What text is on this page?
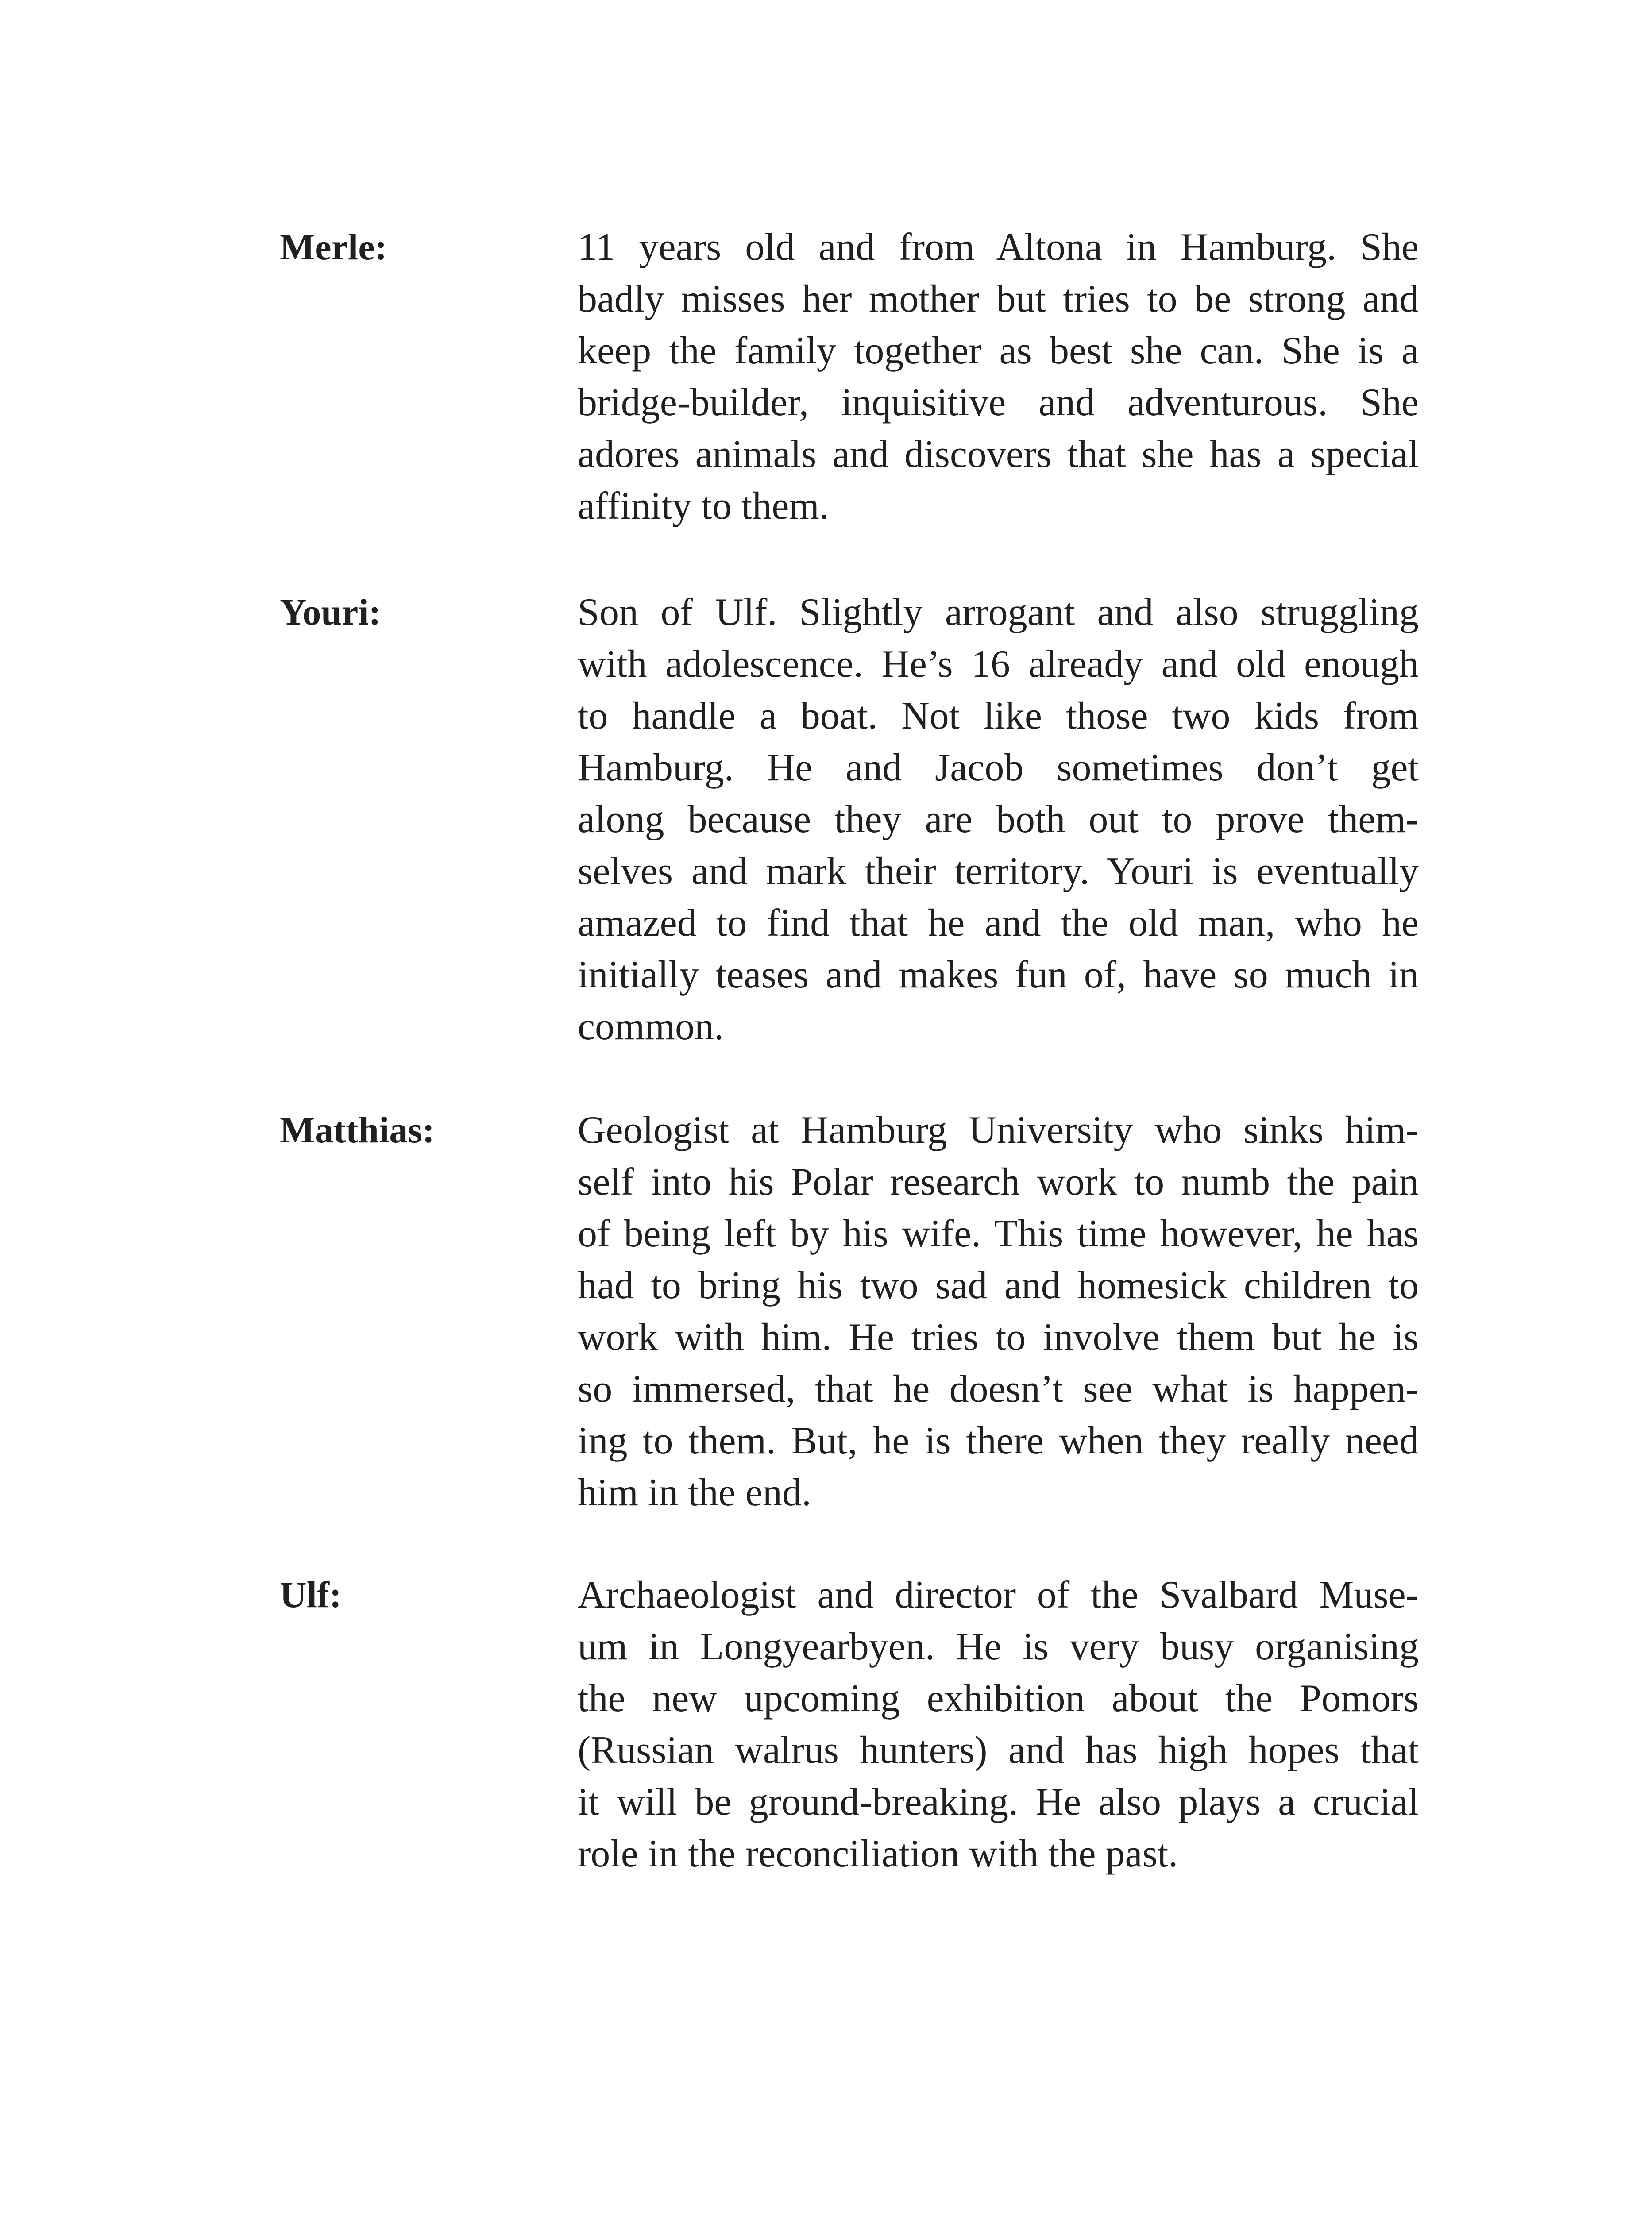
Merle:	11 years old and from Altona in Hamburg. She
badly misses her mother but tries to be strong and
keep the family together as best she can. She is a
bridge-builder, inquisitive and adventurous. She
adores animals and discovers that she has a special
affinity to them.
Youri:	Son of Ulf. Slightly arrogant and also struggling
with adolescence. He’s 16 already and old enough
to handle a boat. Not like those two kids from
Hamburg. He and Jacob sometimes don’t get
along because they are both out to prove them-
selves and mark their territory. Youri is eventually
amazed to find that he and the old man, who he
initially teases and makes fun of, have so much in
common.
Matthias:	Geologist at Hamburg University who sinks him-
self into his Polar research work to numb the pain
of being left by his wife. This time however, he has
had to bring his two sad and homesick children to
work with him. He tries to involve them but he is
so immersed, that he doesn’t see what is happen-
ing to them. But, he is there when they really need
him in the end.
Ulf:	Archaeologist and director of the Svalbard Muse-
um in Longyearbyen. He is very busy organising
the new upcoming exhibition about the Pomors
(Russian walrus hunters) and has high hopes that
it will be ground-breaking. He also plays a crucial
role in the reconciliation with the past.
